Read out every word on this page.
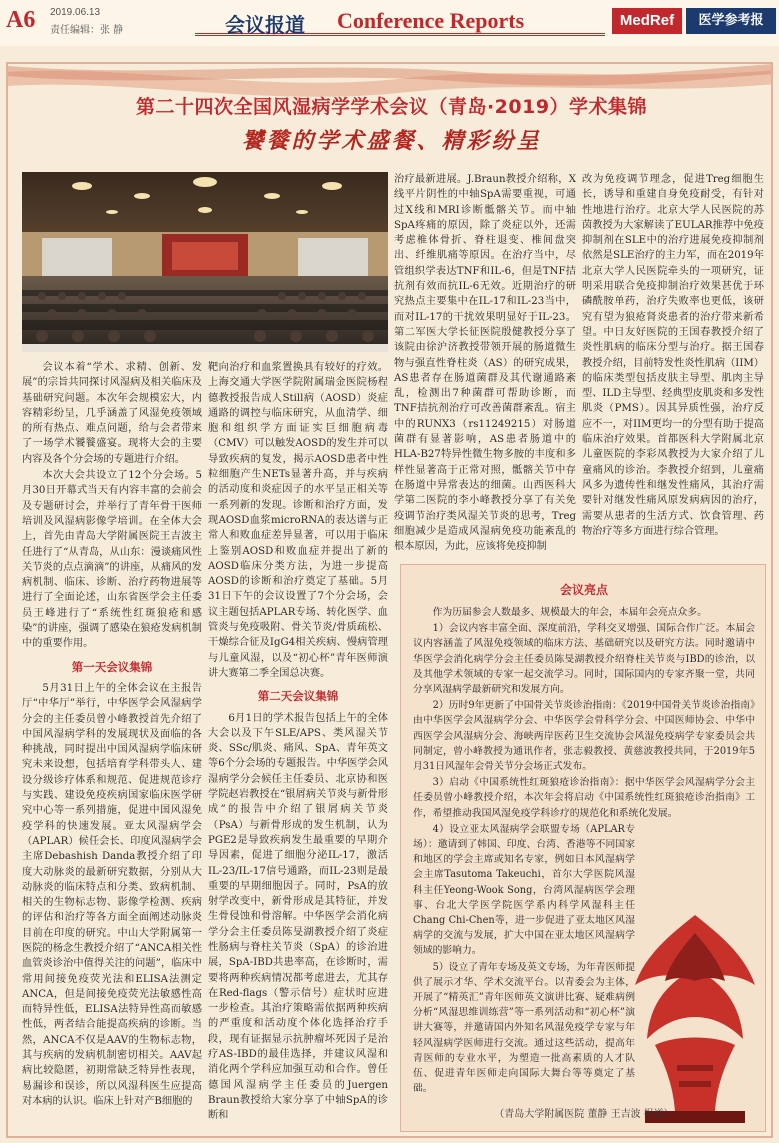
A6 2019.06.13
责任编辑：张 静	会议报道 Conference Reports	MedRef	医学参考报
第二十四次全国风湿病学学术会议（青岛·2019）学术集锦
饕餮的学术盛餐、精彩纷呈

会议本着“学术、求精、创新、发展”的宗旨共同探讨风湿病及相关临床及基础研究问题。本次年会规模宏大，内容精彩纷呈，几乎涵盖了风湿免疫领域的所有热点、难点问题，给与会者带来了一场学术饕餮盛宴。现将大会的主要内容及各个分会场的专题进行介绍。

本次大会共设立了12个分会场。5月30日开幕式当天有内容丰富的会前会及专题研讨会，并举行了青年骨干医师培训及风湿病影像学培训。在全体大会上，首先由青岛大学附属医院王吉波主任进行了“从青岛，从山东：漫谈痛风性关节炎的点点滴滴”的讲座，从痛风的发病机制、临床、诊断、治疗药物进展等进行了全面论述，山东省医学会主任委员王峰进行了“系统性红斑狼疮和感染”的讲座，强调了感染在狼疮发病机制中的重要作用。

第一天会议集锦

5月31日上午的全体会议在主报告厅“中华厅”举行，中华医学会风湿病学分会的主任委员曾小峰教授首先介绍了中国风湿病学科的发展现状及面临的各种挑战，同时提出中国风湿病学临床研究未来设想，包括培育学科带头人、建设分级诊疗体系和规范、促进规范诊疗与实践、建设免疫疾病国家临床医学研究中心等一系列措施，促进中国风湿免疫学科的快速发展。亚太风湿病学会（APLAR）候任会长、印度风湿病学会主席Debashish Danda教授介绍了印度大动脉炎的最新研究数据，分别从大动脉炎的临床特点和分类、致病机制、相关的生物标志物、影像学检测、疾病的评估和治疗等各方面全面阐述动脉炎目前在印度的研究。中山大学附属第一医院的杨念生教授介绍了“ANCA相关性血管炎诊治中值得关注的问题”，临床中常用间接免疫荧光法和ELISA法测定ANCA，但是间接免疫荧光法敏感性高而特异性低，ELISA法特异性高而敏感性低，两者结合能提高疾病的诊断。当然，ANCA不仅是AAV的生物标志物，其与疾病的发病机制密切相关。AAV起病比较隐匿，初期常缺乏特异性表现，易漏诊和误诊，所以风湿科医生应提高对本病的认识。临床上针对产B细胞的

靶向治疗和血浆置换具有较好的疗效。上海交通大学医学院附属瑞金医院杨程德教授报告成人Still病（AOSD）炎症通路的调控与临床研究，从血清学、细胞和组织学方面证实巨细胞病毒（CMV）可以触发AOSD的发生并可以导致疾病的复发，揭示AOSD患者中性粒细胞产生NETs显著升高，并与疾病的活动度和炎症因子的水平呈正相关等一系列新的发现。诊断和治疗方面，发现AOSD血浆microRNA的表达谱与正常人和败血症差异显著，可以用于临床上鉴别AOSD和败血症并提出了新的AOSD临床分类方法，为进一步提高AOSD的诊断和治疗奠定了基础。5月31日下午的会议设置了7个分会场，会议主题包括APLAR专场、转化医学、血管炎与免疫吸附、骨关节炎/骨质疏松、干燥综合征及IgG4相关疾病、慢病管理与儿童风湿，以及“初心杯”青年医师演讲大赛第二季全国总决赛。

第二天会议集锦

6月1日的学术报告包括上午的全体大会以及下午SLE/APS、类风湿关节炎、SSc/肌炎、痛风、SpA、青年英文等6个分会场的专题报告。中华医学会风湿病学分会候任主任委员、北京协和医学院赵岩教授在“银屑病关节炎与新骨形成”的报告中介绍了银屑病关节炎（PsA）与新骨形成的发生机制，认为PGE2是导致疾病发生最重要的早期介导因素，促进了细胞分泌IL-17，激活IL-23/IL-17信号通路，而IL-23则是最重要的早期细胞因子。同时，PsA的放射学改变中，新骨形成是其特征，并发生骨侵蚀和骨溶解。中华医学会消化病学分会主任委员陈旻湖教授介绍了炎症性肠病与脊柱关节炎（SpA）的诊治进展，SpA-IBD共患率高，在诊断时，需要将两种疾病情况都考虑进去，尤其存在Red-flags（警示信号）症状时应进一步检查。其治疗策略需依据两种疾病的严重度和活动度个体化选择治疗手段，现有证据显示抗肿瘤坏死因子是治疗AS-IBD的最佳选择，并建议风湿和消化两个学科应加强互动和合作。曾任德国风湿病学主任委员的Juergen Braun教授给大家分享了中轴SpA的诊断和

治疗最新进展。J.Braun教授介绍称，X线平片阴性的中轴SpA需要重视，可通过X线和MRI诊断骶髂关节。而中轴SpA疼痛的原因，除了炎症以外，还需考虑椎体骨折、脊柱退变、椎间盘突出、纤维肌痛等原因。在治疗当中，尽管组织学表达TNF和IL-6，但是TNF拮抗剂有效而抗IL-6无效。近期治疗的研究热点主要集中在IL-17和IL-23当中，而对IL-17的干扰效果明显好于IL-23。第二军医大学长征医院殷健教授分享了该院由徐沪济教授带领开展的肠道微生物与强直性脊柱炎（AS）的研究成果，AS患者存在肠道菌群及其代谢通路紊乱，检测出7种菌群可帮助诊断，而TNF拮抗剂治疗可改善菌群紊乱。宿主中的RUNX3（rs11249215）对肠道菌群有显著影响，AS患者肠道中的HLA-B27特异性微生物多胺的丰度和多样性显著高于正常对照，骶髂关节中存在肠道中异常表达的细菌。山西医科大学第二医院的李小峰教授分享了有关免疫调节治疗类风湿关节炎的思考，Treg细胞减少是造成风湿病免疫功能紊乱的根本原因，为此，应该将免疫抑制

改为免疫调节理念，促进Treg细胞生长，诱导和重建自身免疫耐受，有针对性地进行治疗。北京大学人民医院的苏茵教授为大家解读了EULAR推荐中免疫抑制剂在SLE中的治疗进展免疫抑制剂依然是SLE治疗的主力军，而在2019年北京大学人民医院牵头的一项研究，证明采用联合免疫抑制治疗效果甚优于环磷酰胺单药，治疗失败率也更低，该研究有望为狼疮肾炎患者的治疗带来新希望。中日友好医院的王国春教授介绍了炎性肌病的临床分型与治疗。据王国春教授介绍，目前特发性炎性肌病（IIM）的临床类型包括皮肤主导型、肌肉主导型、ILD主导型、经典型皮肌炎和多发性肌炎（PMS）。因其异质性强，治疗反应不一，对IIM更均一的分型有助于提高临床治疗效果。首都医科大学附属北京儿童医院的李彩凤教授为大家介绍了儿童痛风的诊治。李教授介绍到，儿童痛风多为遗传性和继发性痛风，其治疗需要针对继发性痛风原发病病因的治疗，需要从患者的生活方式、饮食管理、药物治疗等多方面进行综合管理。

会议亮点

作为历届参会人数最多、规模最大的年会，本届年会亮点众多。

1）会议内容丰富全面、深度前沿，学科交叉增强、国际合作广泛。本届会议内容涵盖了风湿免疫领域的临床方法、基础研究以及研究方法。同时邀请中华医学会消化病学分会主任委员陈旻湖教授介绍脊柱关节炎与IBD的诊治，以及其他学术领域的专家一起交流学习。同时，国际国内的专家齐聚一堂，共同分享风湿病学最新研究和发展方向。

2）历时9年更新了中国骨关节炎诊治指南：《2019中国骨关节炎诊治指南》由中华医学会风湿病学分会、中华医学会骨科学分会、中国医师协会、中华中西医学会风湿病分会、海峡两岸医药卫生交流协会风湿免疫病学专家委员会共同制定，曾小峰教授为通讯作者，张志毅教授、黄慈波教授共同，于2019年5月31日风湿年会骨关节分会场正式发布。

3）启动《中国系统性红斑狼疮诊治指南》：据中华医学会风湿病学分会主任委员曾小峰教授介绍，本次年会将启动《中国系统性红斑狼疮诊治指南》工作，希望推动我国风湿免疫学科诊疗的规范化和系统化发展。

4）设立亚太风湿病学会联盟专场（APLAR专场）：邀请到了韩国、印度、台湾、香港等不同国家和地区的学会主席或知名专家，例如日本风湿病学会主席Tasutoma Takeuchi，首尔大学医院风湿科主任Yeong-Wook Song，台湾风湿病医学会理事、台北大学医学院医学系内科学风湿科主任Chang Chi-Chen等，进一步促进了亚太地区风湿病学的交流与发展，扩大中国在亚太地区风湿病学领域的影响力。

5）设立了青年专场及英文专场，为年青医师提供了展示才华、学术交流平台。以青委会为主体，开展了“精英汇”青年医师英文演讲比赛、疑难病例分析“风湿思维训练营”等一系列活动和“初心杯”演讲大赛等，并邀请国内外知名风湿免疫学专家与年轻风湿病学医师进行交流。通过这些活动，提高年青医师的专业水平，为塑造一批高素质的人才队伍、促进青年医师走向国际大舞台等等奠定了基础。

（青岛大学附属医院 董静 王吉波 报道）
